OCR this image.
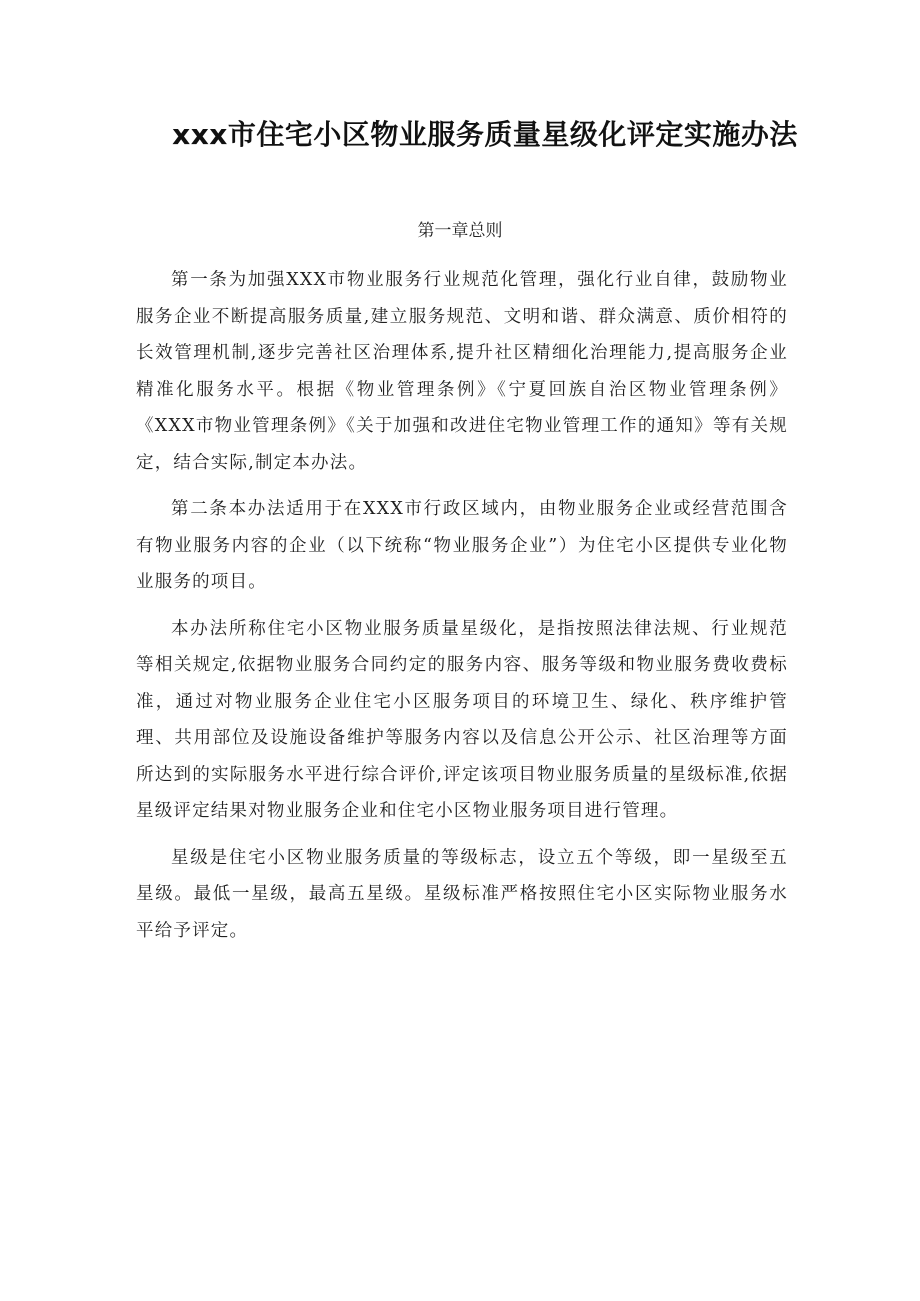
xxx市住宅小区物业服务质量星级化评定实施办法
第一章总则

第一条为加强XXX市物业服务行业规范化管理，强化行业自律，鼓励物业服务企业不断提高服务质量,建立服务规范、文明和谐、群众满意、质价相符的长效管理机制,逐步完善社区治理体系,提升社区精细化治理能力,提高服务企业精准化服务水平。根据《物业管理条例》《宁夏回族自治区物业管理条例》《XXX市物业管理条例》《关于加强和改进住宅物业管理工作的通知》等有关规定，结合实际,制定本办法。

第二条本办法适用于在XXX市行政区域内，由物业服务企业或经营范围含有物业服务内容的企业（以下统称“物业服务企业”）为住宅小区提供专业化物业服务的项目。

本办法所称住宅小区物业服务质量星级化，是指按照法律法规、行业规范等相关规定,依据物业服务合同约定的服务内容、服务等级和物业服务费收费标准，通过对物业服务企业住宅小区服务项目的环境卫生、绿化、秩序维护管理、共用部位及设施设备维护等服务内容以及信息公开公示、社区治理等方面所达到的实际服务水平进行综合评价,评定该项目物业服务质量的星级标准,依据星级评定结果对物业服务企业和住宅小区物业服务项目进行管理。

星级是住宅小区物业服务质量的等级标志，设立五个等级，即一星级至五星级。最低一星级，最高五星级。星级标准严格按照住宅小区实际物业服务水平给予评定。
